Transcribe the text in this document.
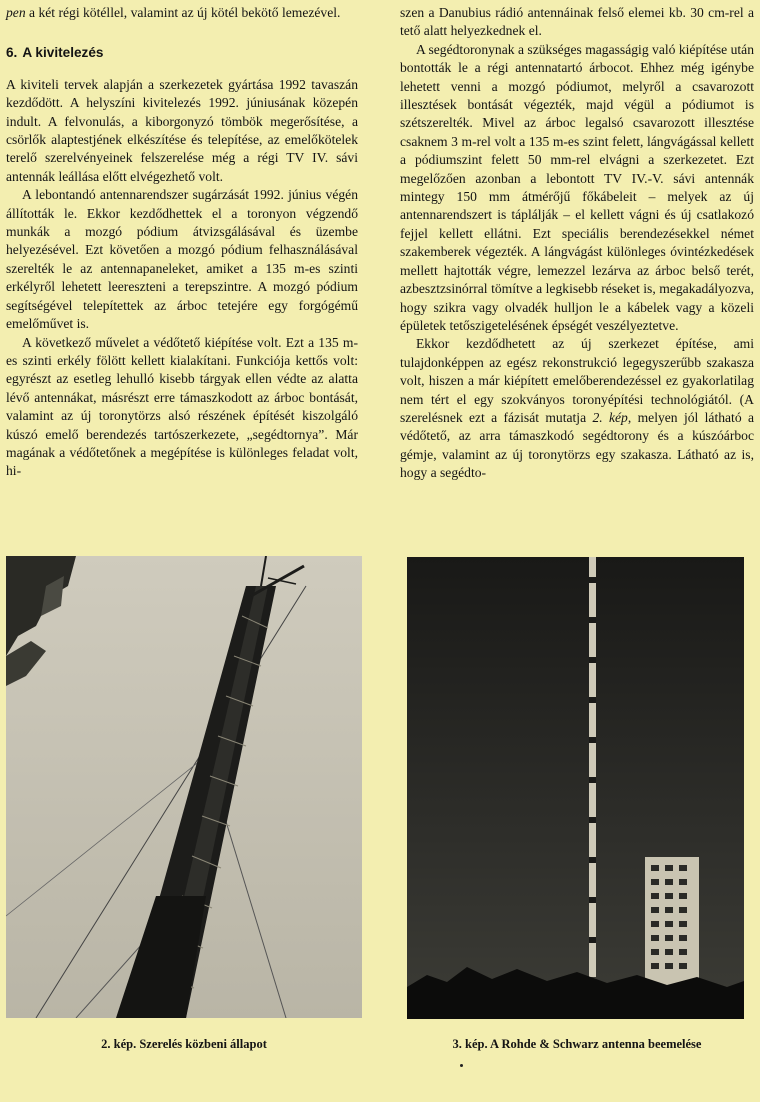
pen a két régi kötéllel, valamint az új kötél bekötő lemezével.

6. A kivitelezés

A kiviteli tervek alapján a szerkezetek gyártása 1992 tavaszán kezdődött. A helyszíni kivitelezés 1992. júniusának közepén indult. A felvonulás, a kiborgonyzó tömbök megerősítése, a csörlők alaptestjének elkészítése és telepítése, az emelőkötelek terelő szerelvényeinek felszerelése még a régi TV IV. sávi antennák leállása előtt elvégezhető volt.

A lebontandó antennarendszer sugárzását 1992. június végén állították le. Ekkor kezdődhettek el a toronyon végzendő munkák a mozgó pódium átvizsgálásával és üzembe helyezésével. Ezt követően a mozgó pódium felhasználásával szerelték le az antennapaneleket, amiket a 135 m-es szinti erkélyről lehetett leereszteni a terepszintre. A mozgó pódium segítségével telepítettek az árboc tetejére egy forgógémű emelőművet is.

A következő művelet a védőtető kiépítése volt. Ezt a 135 m-es szinti erkély fölött kellett kialakítani. Funkciója kettős volt: egyrészt az esetleg lehulló kisebb tárgyak ellen védte az alatta lévő antennákat, másrészt erre támaszkodott az árboc bontását, valamint az új toronytörzs alsó részének építését kiszolgáló kúszó emelő berendezés tartószerkezete, „segédtornya”. Már magának a védőtetőnek a megépítése is különleges feladat volt, hi-

szen a Danubius rádió antennáinak felső elemei kb. 30 cm-rel a tető alatt helyezkednek el.

A segédtoronynak a szükséges magasságig való kiépítése után bontották le a régi antennatartó árbocot. Ehhez még igénybe lehetett venni a mozgó pódiumot, melyről a csavarozott illesztések bontását végezték, majd végül a pódiumot is szétszerelték. Mivel az árboc legalsó csavarozott illesztése csaknem 3 m-rel volt a 135 m-es szint felett, lángvágással kellett a pódiumszint felett 50 mm-rel elvágni a szerkezetet. Ezt megelőzően azonban a lebontott TV IV.-V. sávi antennák mintegy 150 mm átmérőjű főkábeleit – melyek az új antennarendszert is táplálják – el kellett vágni és új csatlakozó fejjel kellett ellátni. Ezt speciális berendezésekkel német szakemberek végezték. A lángvágást különleges óvintézkedések mellett hajtották végre, lemezzel lezárva az árboc belső terét, azbesztzsinórral tömítve a legkisebb réseket is, megakadályozva, hogy szikra vagy olvadék hulljon le a kábelek vagy a közeli épületek tetőszigetelésének épségét veszélyeztetve.

Ekkor kezdődhetett az új szerkezet építése, ami tulajdonképpen az egész rekonstrukció legegyszerűbb szakasza volt, hiszen a már kiépített emelőberendezéssel ez gyakorlatilag nem tért el egy szokványos toronyépítési technológiától. (A szerelésnek ezt a fázisát mutatja 2. kép, melyen jól látható a védőtető, az arra támaszkodó segédtorony és a kúszóárboc gémje, valamint az új toronytörzs egy szakasza. Látható az is, hogy a segédto-

2. kép. Szerelés közbeni állapot	3. kép. A Rohde & Schwarz antenna beemelése
